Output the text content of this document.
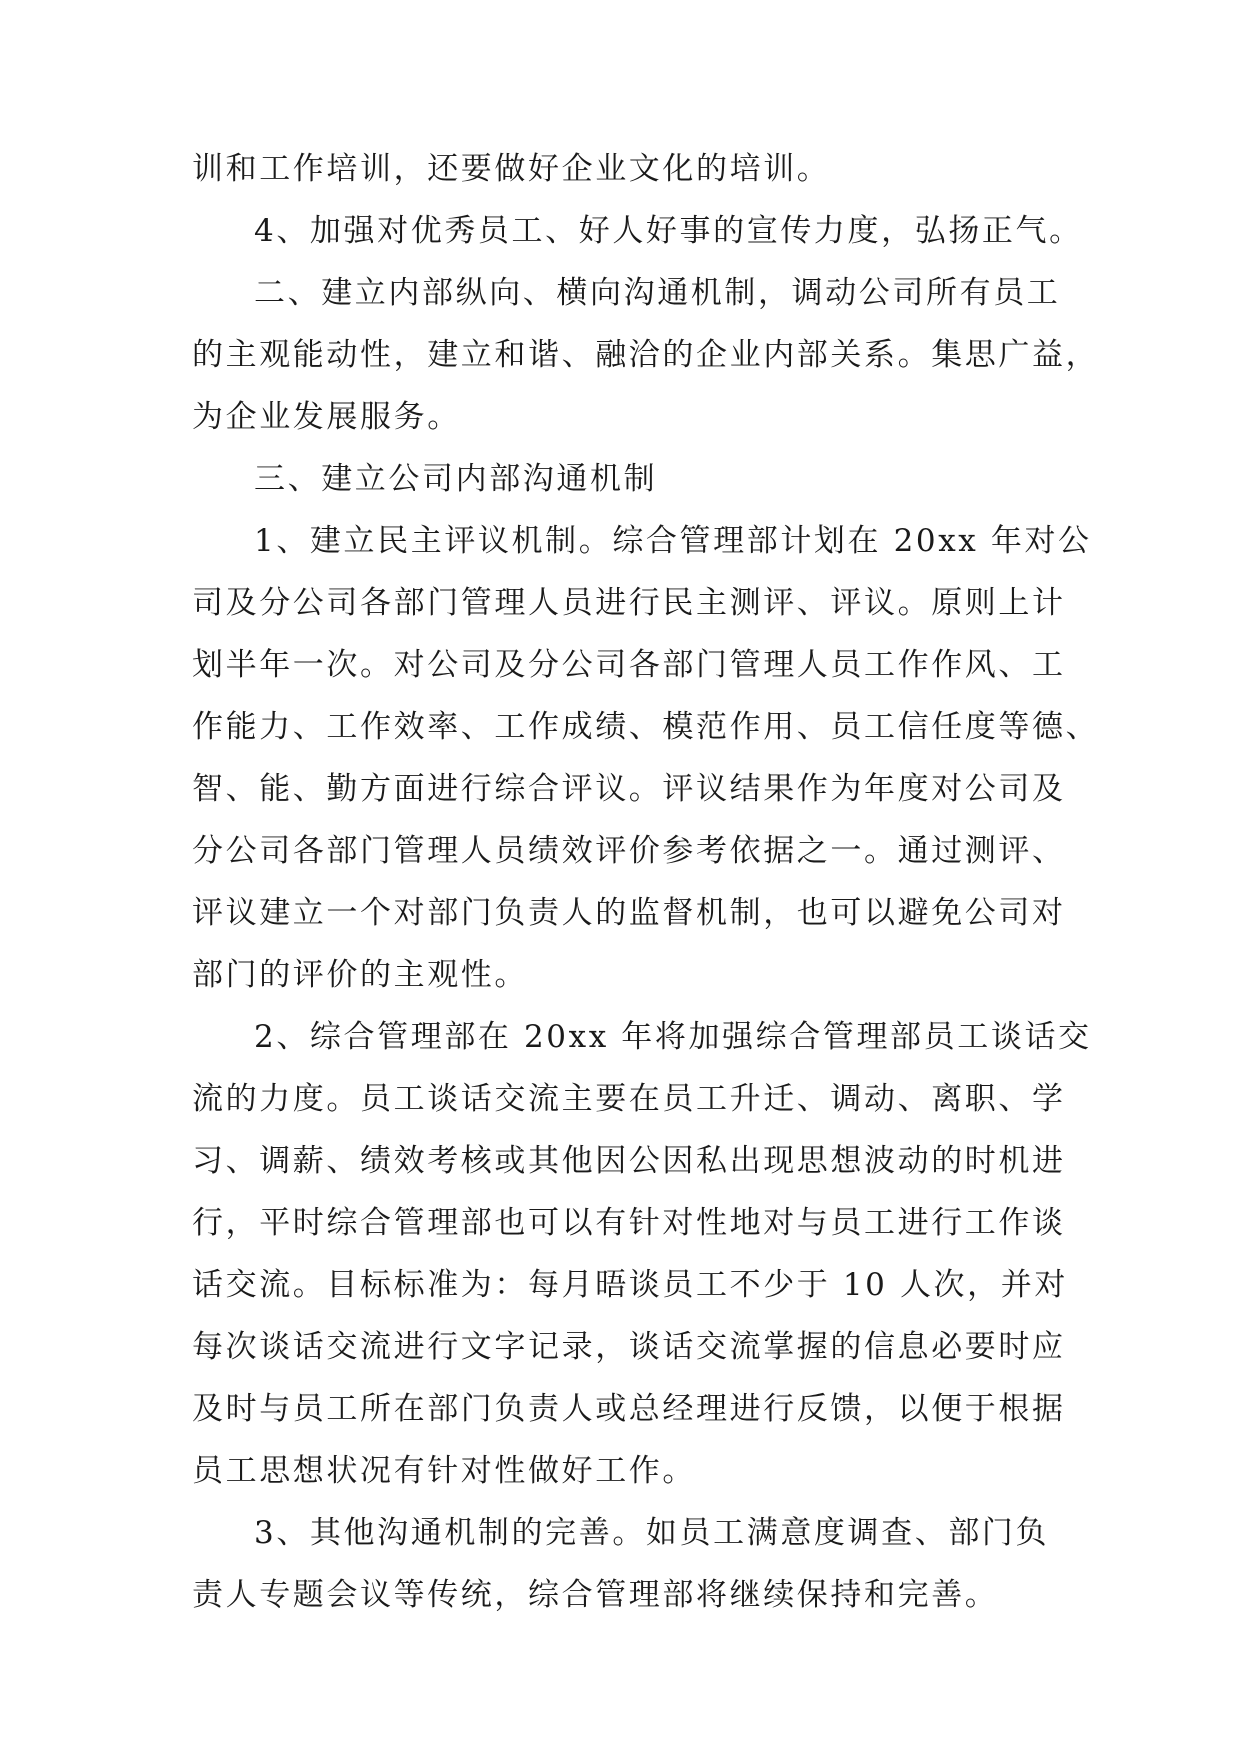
训和工作培训，还要做好企业文化的培训。
4、加强对优秀员工、好人好事的宣传力度，弘扬正气。
二、建立内部纵向、横向沟通机制，调动公司所有员工
的主观能动性，建立和谐、融洽的企业内部关系。集思广益，
为企业发展服务。
三、建立公司内部沟通机制
1、建立民主评议机制。综合管理部计划在 20xx 年对公
司及分公司各部门管理人员进行民主测评、评议。原则上计
划半年一次。对公司及分公司各部门管理人员工作作风、工
作能力、工作效率、工作成绩、模范作用、员工信任度等德、
智、能、勤方面进行综合评议。评议结果作为年度对公司及
分公司各部门管理人员绩效评价参考依据之一。通过测评、
评议建立一个对部门负责人的监督机制，也可以避免公司对
部门的评价的主观性。
2、综合管理部在 20xx 年将加强综合管理部员工谈话交
流的力度。员工谈话交流主要在员工升迁、调动、离职、学
习、调薪、绩效考核或其他因公因私出现思想波动的时机进
行，平时综合管理部也可以有针对性地对与员工进行工作谈
话交流。目标标准为：每月晤谈员工不少于 10 人次，并对
每次谈话交流进行文字记录，谈话交流掌握的信息必要时应
及时与员工所在部门负责人或总经理进行反馈，以便于根据
员工思想状况有针对性做好工作。
3、其他沟通机制的完善。如员工满意度调查、部门负
责人专题会议等传统，综合管理部将继续保持和完善。
